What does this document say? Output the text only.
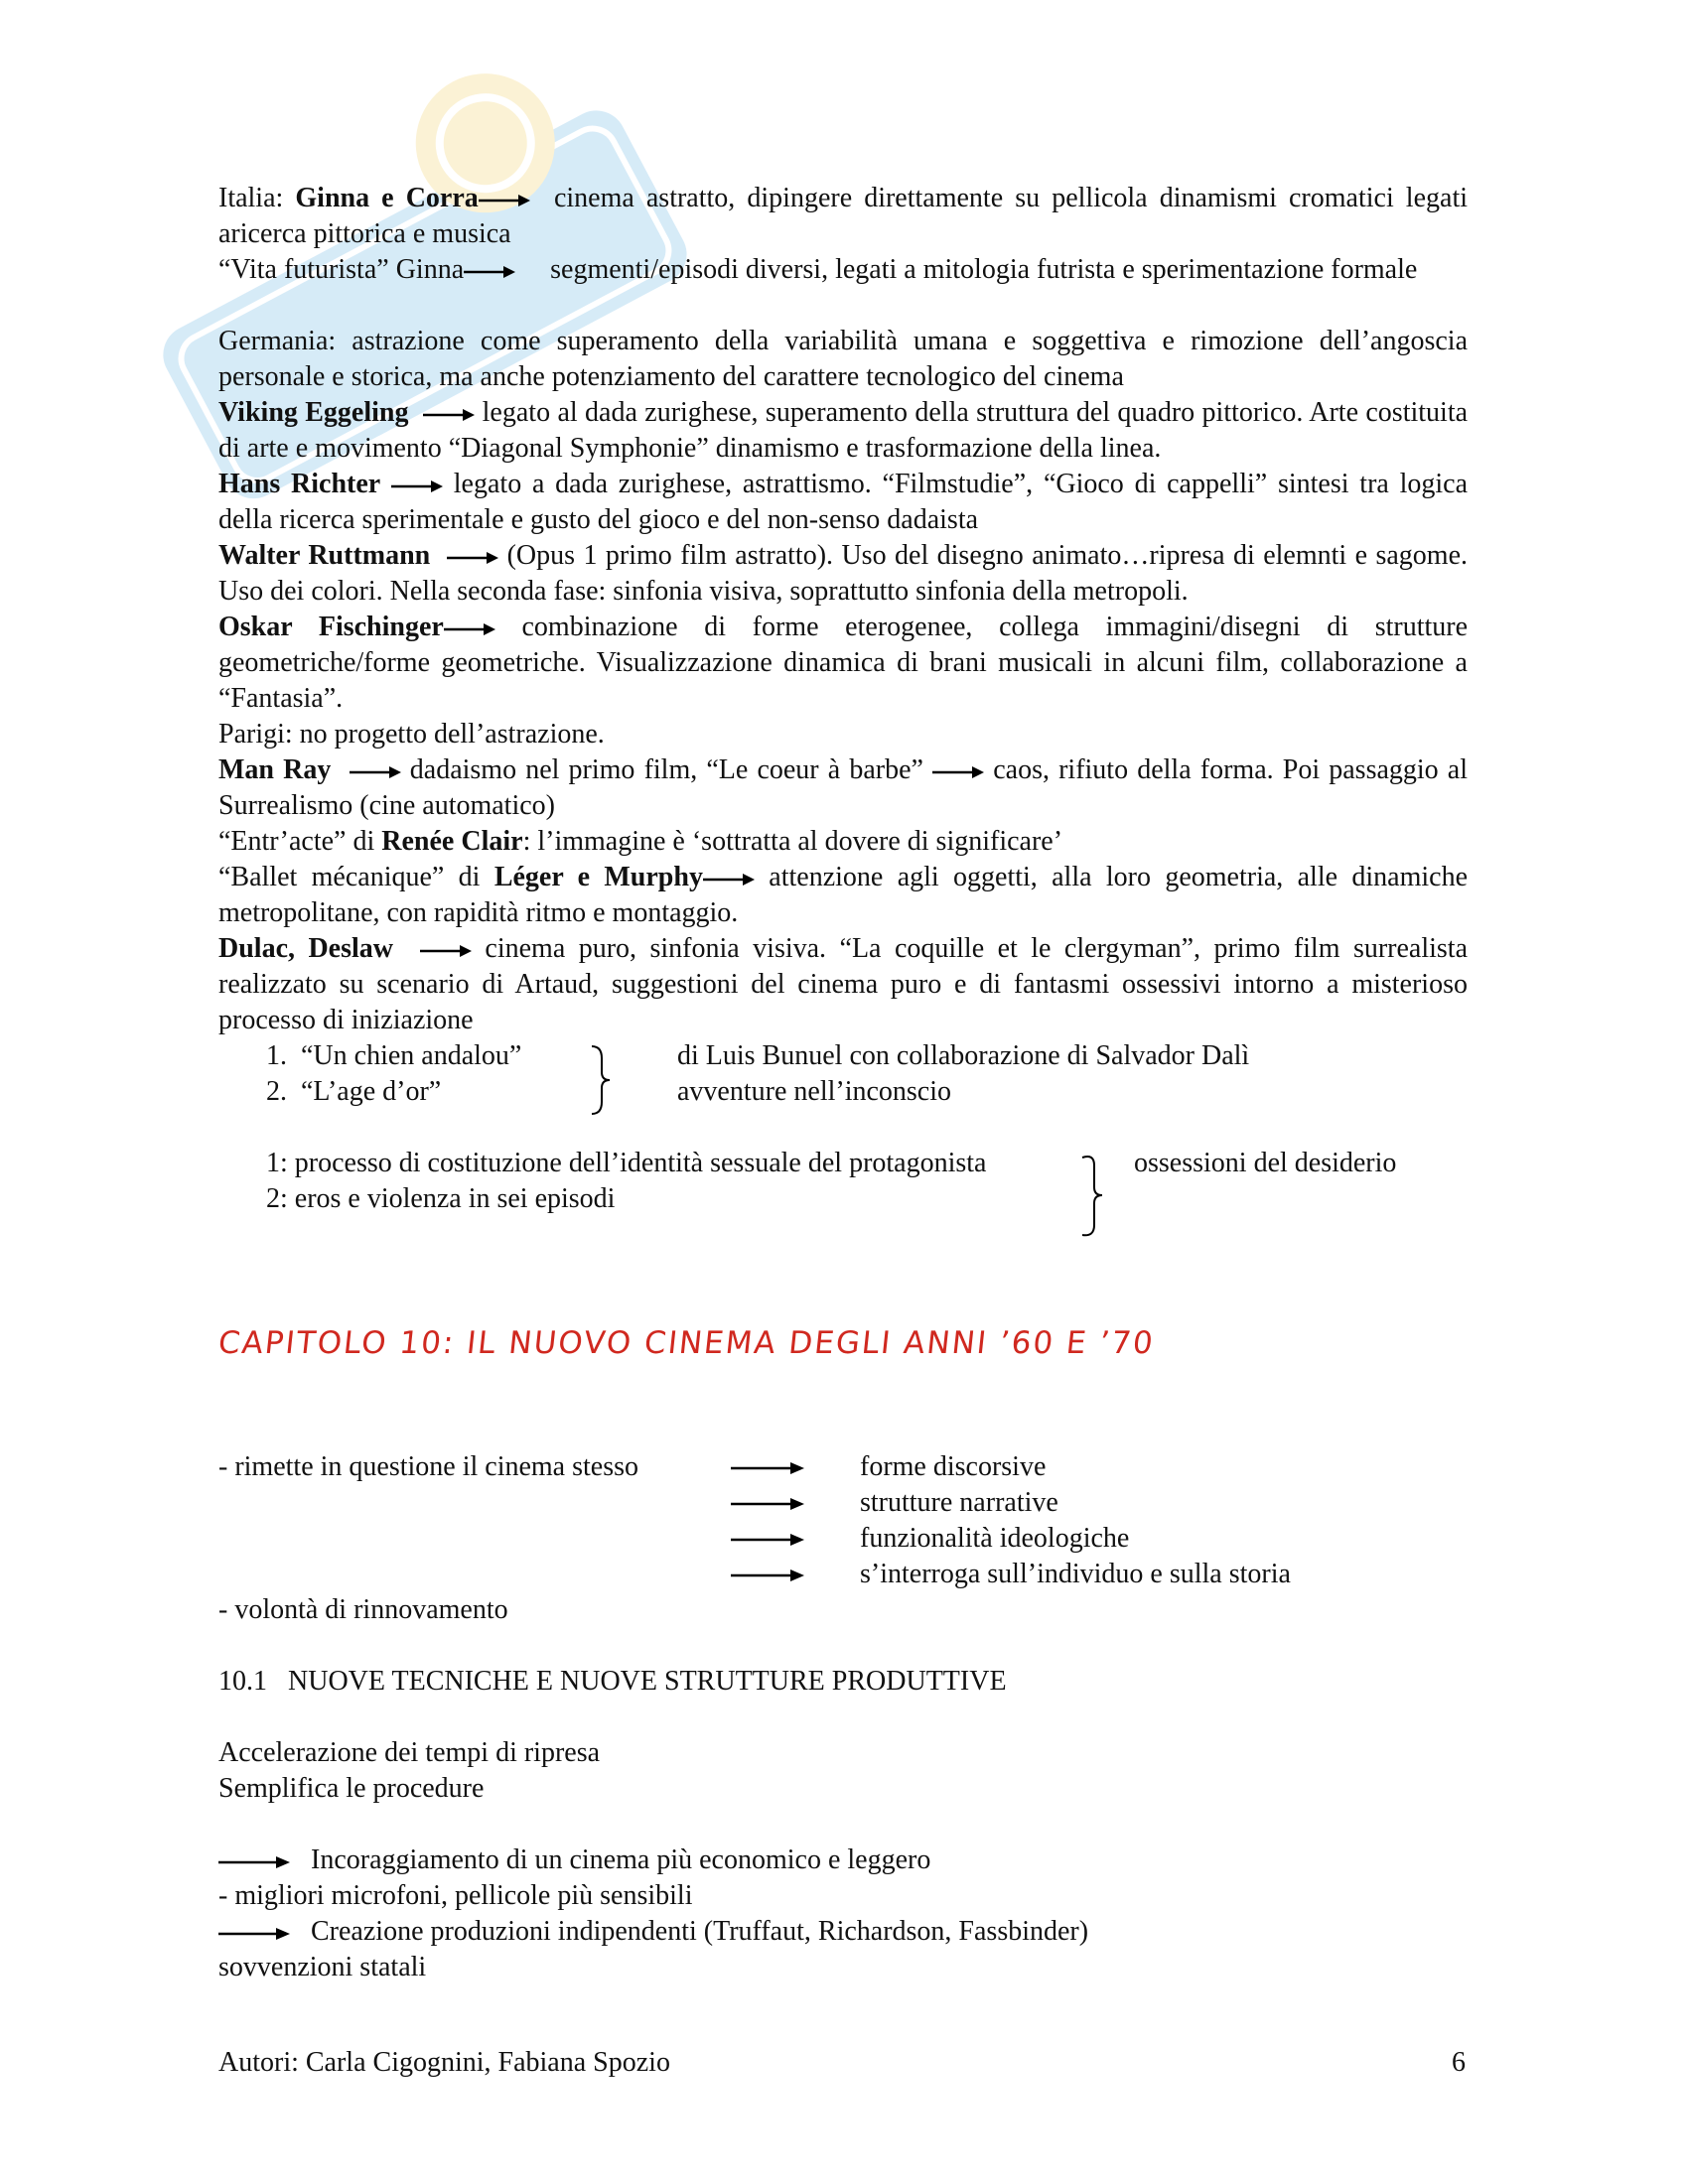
Italia: Ginna e Corra	cinema astratto, dipingere direttamente su pellicola dinamismi cromatici legati aricerca pittorica e musica
“Vita futurista” Ginna	segmenti/episodi diversi, legati a mitologia futrista e sperimentazione formale
Germania: astrazione come superamento della variabilità umana e soggettiva e rimozione dell’angoscia personale e storica, ma anche potenziamento del carattere tecnologico del cinema
Viking Eggeling	legato al dada zurighese, superamento della struttura del quadro pittorico. Arte costituita di arte e movimento “Diagonal Symphonie” dinamismo e trasformazione della linea.
Hans Richter	legato a dada zurighese, astrattismo. “Filmstudie”, “Gioco di cappelli” sintesi tra logica della ricerca sperimentale e gusto del gioco e del non-senso dadaista
Walter Ruttmann	(Opus 1 primo film astratto). Uso del disegno animato…ripresa di elemnti e sagome. Uso dei colori. Nella seconda fase: sinfonia visiva, soprattutto sinfonia della metropoli.
Oskar Fischinger	combinazione di forme eterogenee, collega immagini/disegni di strutture geometriche/forme geometriche. Visualizzazione dinamica di brani musicali in alcuni film, collaborazione a “Fantasia”.
Parigi: no progetto dell’astrazione.
Man Ray	dadaismo nel primo film, “Le coeur à barbe”	caos, rifiuto della forma. Poi passaggio al Surrealismo (cine automatico)
“Entr’acte” di Renée Clair: l’immagine è ‘sottratta al dovere di significare’
“Ballet mécanique” di Léger e Murphy attenzione agli oggetti, alla loro geometria, alle dinamiche metropolitane, con rapidità ritmo e montaggio.
Dulac, Deslaw	cinema puro, sinfonia visiva. “La coquille et le clergyman”, primo film surrealista realizzato su scenario di Artaud, suggestioni del cinema puro e di fantasmi ossessivi intorno a misterioso processo di iniziazione
1. “Un chien andalou”
2. “L’age d’or”
di Luis Bunuel con collaborazione di Salvador Dalì
avventure nell’inconscio
1: processo di costituzione dell’identità sessuale del protagonista
2: eros e violenza in sei episodi
ossessioni del desiderio
CAPITOLO 10: IL NUOVO CINEMA DEGLI ANNI ’60 E ’70
- rimette in questione il cinema stesso
- volontà di rinnovamento
forme discorsive
strutture narrative
funzionalità ideologiche
s’interroga sull’individuo e sulla storia
10.1 NUOVE TECNICHE E NUOVE STRUTTURE PRODUTTIVE
Accelerazione dei tempi di ripresa
Semplifica le procedure
Incoraggiamento di un cinema più economico e leggero
- migliori microfoni, pellicole più sensibili
Creazione produzioni indipendenti (Truffaut, Richardson, Fassbinder)
sovvenzioni statali
Autori: Carla Cigognini, Fabiana Spozio	6
